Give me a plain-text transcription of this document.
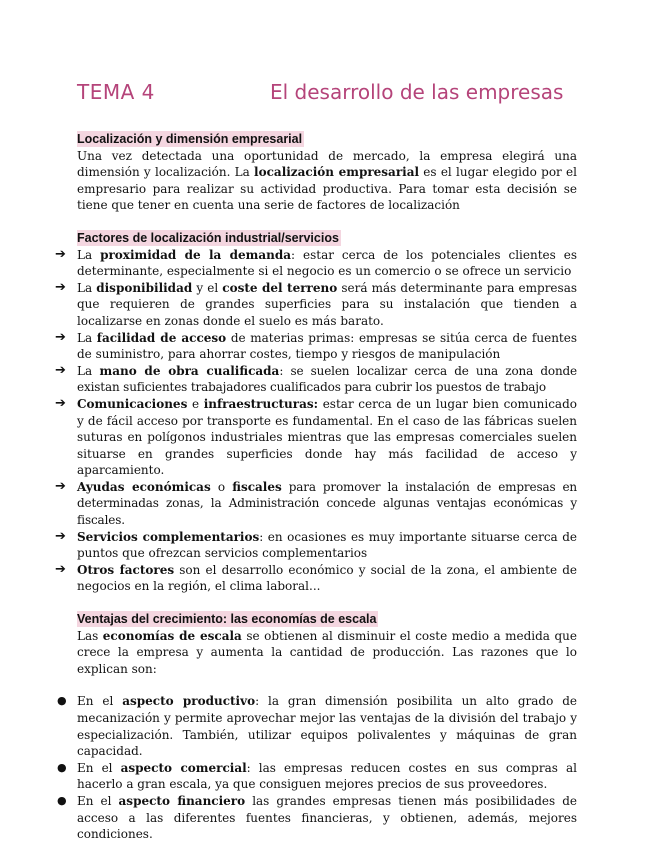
TEMA 4	El desarrollo de las empresas
Localización y dimensión empresarial

Una vez detectada una oportunidad de mercado, la empresa elegirá una dimensión y localización. La localización empresarial es el lugar elegido por el empresario para realizar su actividad productiva. Para tomar esta decisión se tiene que tener en cuenta una serie de factores de localización

Factores de localización industrial/servicios
➔ La proximidad de la demanda: estar cerca de los potenciales clientes es determinante, especialmente si el negocio es un comercio o se ofrece un servicio
➔ La disponibilidad y el coste del terreno será más determinante para empresas que requieren de grandes superficies para su instalación que tienden a localizarse en zonas donde el suelo es más barato.
➔ La facilidad de acceso de materias primas: empresas se sitúa cerca de fuentes de suministro, para ahorrar costes, tiempo y riesgos de manipulación
➔ La mano de obra cualificada: se suelen localizar cerca de una zona donde existan suficientes trabajadores cualificados para cubrir los puestos de trabajo
➔ Comunicaciones e infraestructuras: estar cerca de un lugar bien comunicado y de fácil acceso por transporte es fundamental. En el caso de las fábricas suelen suturas en polígonos industriales mientras que las empresas comerciales suelen situarse en grandes superficies donde hay más facilidad de acceso y aparcamiento.
➔ Ayudas económicas o fiscales para promover la instalación de empresas en determinadas zonas, la Administración concede algunas ventajas económicas y fiscales.
➔ Servicios complementarios: en ocasiones es muy importante situarse cerca de puntos que ofrezcan servicios complementarios
➔ Otros factores son el desarrollo económico y social de la zona, el ambiente de negocios en la región, el clima laboral...
Ventajas del crecimiento: las economías de escala

Las economías de escala se obtienen al disminuir el coste medio a medida que crece la empresa y aumenta la cantidad de producción. Las razones que lo explican son:

● En el aspecto productivo: la gran dimensión posibilita un alto grado de mecanización y permite aprovechar mejor las ventajas de la división del trabajo y especialización. También, utilizar equipos polivalentes y máquinas de gran capacidad.
● En el aspecto comercial: las empresas reducen costes en sus compras al hacerlo a gran escala, ya que consiguen mejores precios de sus proveedores.
● En el aspecto financiero las grandes empresas tienen más posibilidades de acceso a las diferentes fuentes financieras, y obtienen, además, mejores condiciones.
